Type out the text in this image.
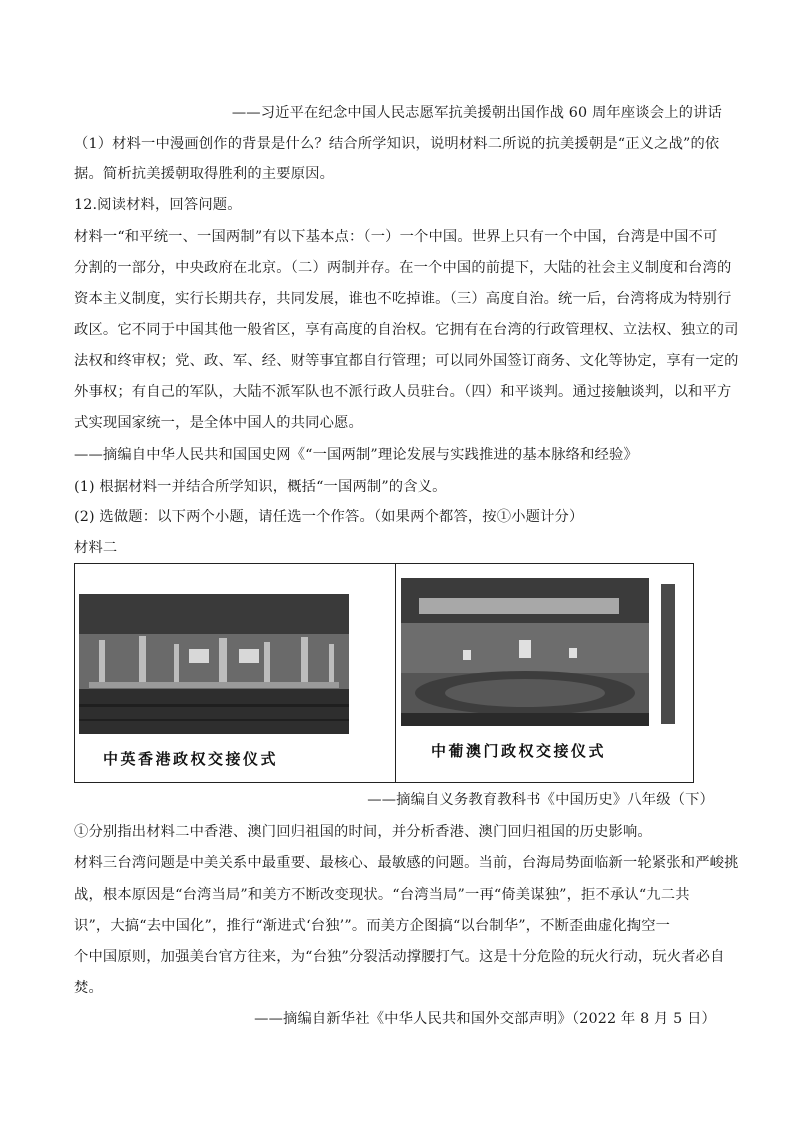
——习近平在纪念中国人民志愿军抗美援朝出国作战 60 周年座谈会上的讲话
（1）材料一中漫画创作的背景是什么？结合所学知识，说明材料二所说的抗美援朝是“正义之战”的依
据。简析抗美援朝取得胜利的主要原因。
12.阅读材料，回答问题。
材料一“和平统一、一国两制”有以下基本点：（一）一个中国。世界上只有一个中国，台湾是中国不可
分割的一部分，中央政府在北京。（二）两制并存。在一个中国的前提下，大陆的社会主义制度和台湾的
资本主义制度，实行长期共存，共同发展，谁也不吃掉谁。（三）高度自治。统一后，台湾将成为特别行
政区。它不同于中国其他一般省区，享有高度的自治权。它拥有在台湾的行政管理权、立法权、独立的司
法权和终审权；党、政、军、经、财等事宜都自行管理；可以同外国签订商务、文化等协定，享有一定的
外事权；有自己的军队，大陆不派军队也不派行政人员驻台。（四）和平谈判。通过接触谈判，以和平方
式实现国家统一，是全体中国人的共同心愿。
——摘编自中华人民共和国国史网《“一国两制”理论发展与实践推进的基本脉络和经验》
(1) 根据材料一并结合所学知识，概括“一国两制”的含义。
(2) 选做题：以下两个小题，请任选一个作答。（如果两个都答，按①小题计分）
材料二
中英香港政权交接仪式	中葡澳门政权交接仪式
——摘编自义务教育教科书《中国历史》八年级（下）
①分别指出材料二中香港、澳门回归祖国的时间，并分析香港、澳门回归祖国的历史影响。
材料三台湾问题是中美关系中最重要、最核心、最敏感的问题。当前，台海局势面临新一轮紧张和严峻挑
战，根本原因是“台湾当局”和美方不断改变现状。“台湾当局”一再“倚美谋独”，拒不承认“九二共
识”，大搞“去中国化”，推行“渐进式‘台独’”。而美方企图搞“以台制华”，不断歪曲虚化掏空一
个中国原则，加强美台官方往来，为“台独”分裂活动撑腰打气。这是十分危险的玩火行动，玩火者必自
焚。
——摘编自新华社《中华人民共和国外交部声明》（2022 年 8 月 5 日）
